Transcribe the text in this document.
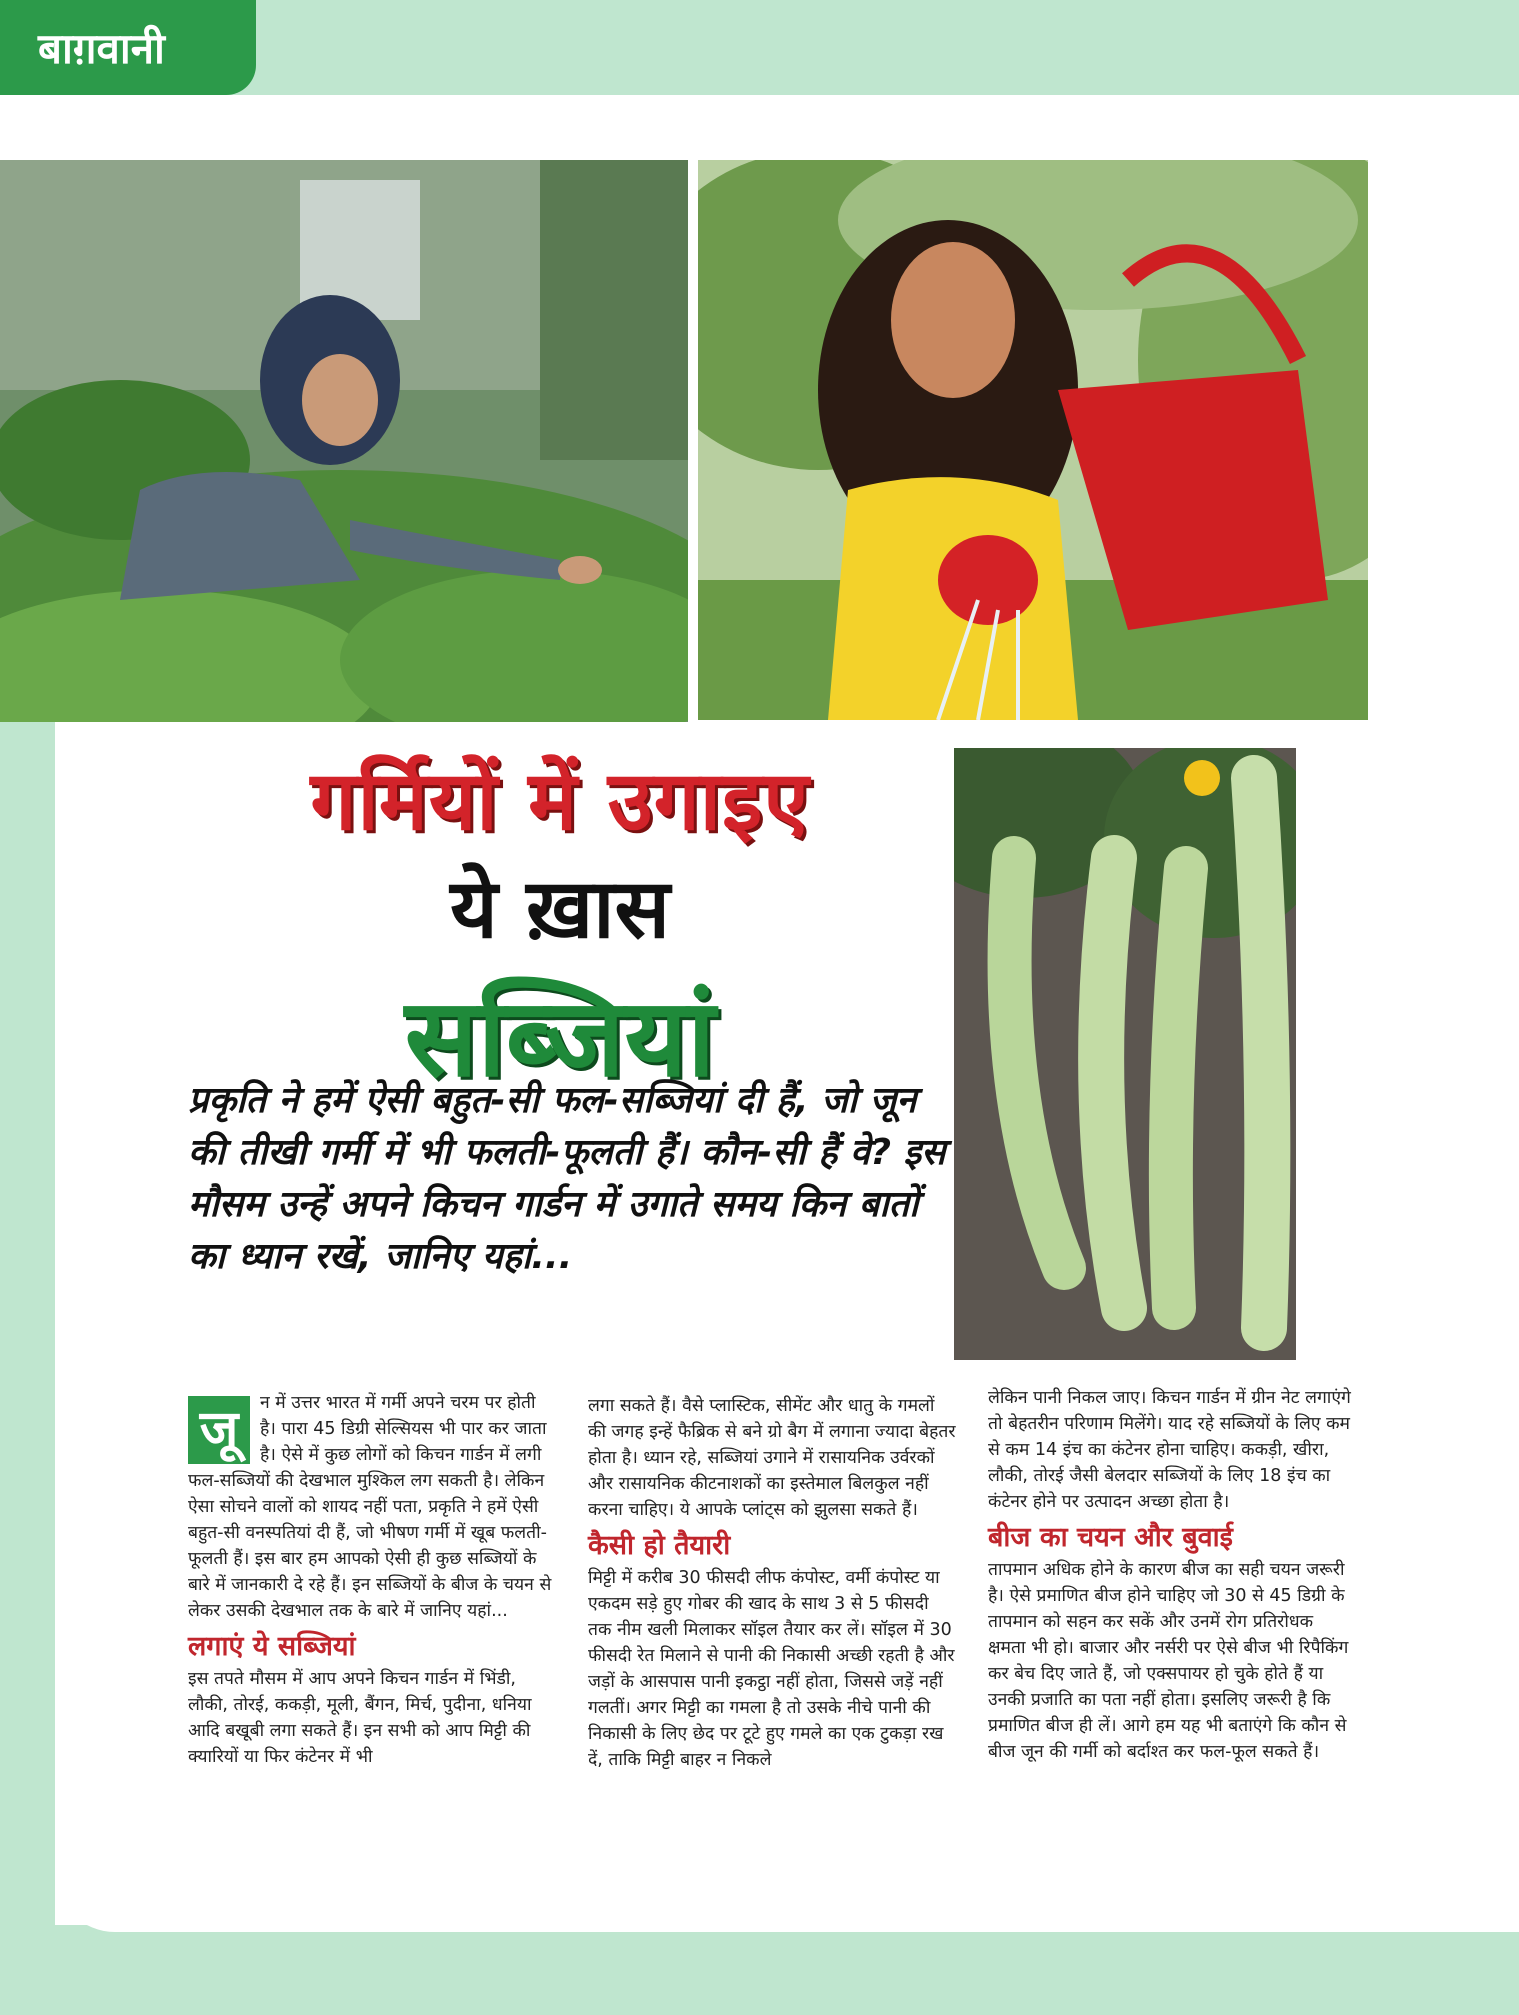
बाग़वानी
गर्मियों में उगाइए
ये ख़ास
सब्जियां
प्रकृति ने हमें ऐसी बहुत-सी फल-सब्जियां दी हैं, जो जून की तीखी गर्मी में भी फलती-फूलती हैं। कौन-सी हैं वे? इस मौसम उन्हें अपने किचन गार्डन में उगाते समय किन बातों का ध्यान रखें, जानिए यहां...
जू	न में उत्तर भारत में गर्मी अपने चरम पर होती है। पारा 45 डिग्री सेल्सियस भी पार कर जाता है। ऐसे में कुछ लोगों को किचन गार्डन में लगी फल-सब्जियों की देखभाल मुश्किल लग सकती है। लेकिन ऐसा सोचने वालों को शायद नहीं पता, प्रकृति ने हमें ऐसी बहुत-सी वनस्पतियां दी हैं, जो भीषण गर्मी में खूब फलती-फूलती हैं। इस बार हम आपको ऐसी ही कुछ सब्जियों के बारे में जानकारी दे रहे हैं। इन सब्जियों के बीज के चयन से लेकर उसकी देखभाल तक के बारे में जानिए यहां...

लगाएं ये सब्जियां

इस तपते मौसम में आप अपने किचन गार्डन में भिंडी, लौकी, तोरई, ककड़ी, मूली, बैंगन, मिर्च, पुदीना, धनिया आदि बखूबी लगा सकते हैं। इन सभी को आप मिट्टी की क्यारियों या फिर कंटेनर में भी

लगा सकते हैं। वैसे प्लास्टिक, सीमेंट और धातु के गमलों की जगह इन्हें फैब्रिक से बने ग्रो बैग में लगाना ज्यादा बेहतर होता है। ध्यान रहे, सब्जियां उगाने में रासायनिक उर्वरकों और रासायनिक कीटनाशकों का इस्तेमाल बिलकुल नहीं करना चाहिए। ये आपके प्लांट्स को झुलसा सकते हैं।

कैसी हो तैयारी

मिट्टी में करीब 30 फीसदी लीफ कंपोस्ट, वर्मी कंपोस्ट या एकदम सड़े हुए गोबर की खाद के साथ 3 से 5 फीसदी तक नीम खली मिलाकर सॉइल तैयार कर लें। सॉइल में 30 फीसदी रेत मिलाने से पानी की निकासी अच्छी रहती है और जड़ों के आसपास पानी इकट्ठा नहीं होता, जिससे जड़ें नहीं गलतीं। अगर मिट्टी का गमला है तो उसके नीचे पानी की निकासी के लिए छेद पर टूटे हुए गमले का एक टुकड़ा रख दें, ताकि मिट्टी बाहर न निकले

लेकिन पानी निकल जाए। किचन गार्डन में ग्रीन नेट लगाएंगे तो बेहतरीन परिणाम मिलेंगे। याद रहे सब्जियों के लिए कम से कम 14 इंच का कंटेनर होना चाहिए। ककड़ी, खीरा, लौकी, तोरई जैसी बेलदार सब्जियों के लिए 18 इंच का कंटेनर होने पर उत्पादन अच्छा होता है।

बीज का चयन और बुवाई

तापमान अधिक होने के कारण बीज का सही चयन जरूरी है। ऐसे प्रमाणित बीज होने चाहिए जो 30 से 45 डिग्री के तापमान को सहन कर सकें और उनमें रोग प्रतिरोधक क्षमता भी हो। बाजार और नर्सरी पर ऐसे बीज भी रिपैकिंग कर बेच दिए जाते हैं, जो एक्सपायर हो चुके होते हैं या उनकी प्रजाति का पता नहीं होता। इसलिए जरूरी है कि प्रमाणित बीज ही लें। आगे हम यह भी बताएंगे कि कौन से बीज जून की गर्मी को बर्दाश्त कर फल-फूल सकते हैं।
